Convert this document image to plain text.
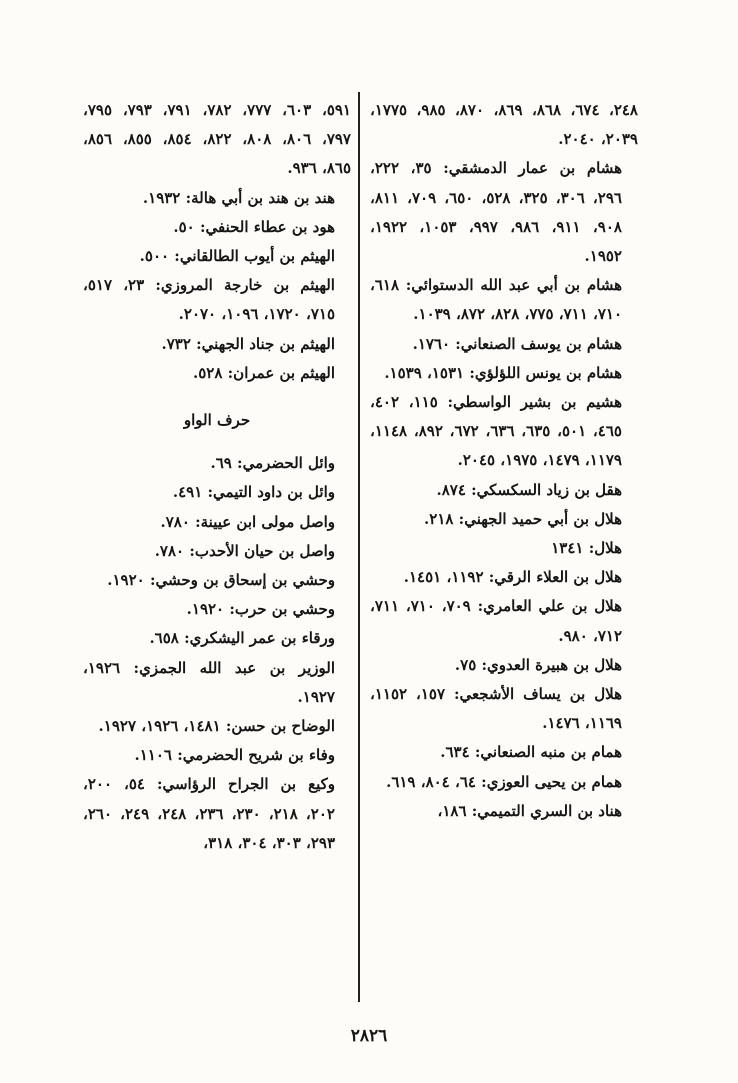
٢٤٨، ٦٧٤، ٨٦٨، ٨٦٩، ٨٧٠، ٩٨٥، ١٧٧٥، ٢٠٣٩، ٢٠٤٠.

هشام بن عمار الدمشقي: ٣٥، ٢٢٢، ٢٩٦، ٣٠٦، ٣٢٥، ٥٢٨، ٦٥٠، ٧٠٩، ٨١١، ٩٠٨، ٩١١، ٩٨٦، ٩٩٧، ١٠٥٣، ١٩٢٢، ١٩٥٢.

هشام بن أبي عبد الله الدستوائي: ٦١٨، ٧١٠، ٧١١، ٧٧٥، ٨٢٨، ٨٧٢، ١٠٣٩.

هشام بن يوسف الصنعاني: ١٧٦٠.

هشام بن يونس اللؤلؤي: ١٥٣١، ١٥٣٩.

هشيم بن بشير الواسطي: ١١٥، ٤٠٢، ٤٦٥، ٥٠١، ٦٣٥، ٦٣٦، ٦٧٢، ٨٩٢، ١١٤٨، ١١٧٩، ١٤٧٩، ١٩٧٥، ٢٠٤٥.

هقل بن زياد السكسكي: ٨٧٤.

هلال بن أبي حميد الجهني: ٢١٨.

هلال: ١٣٤١

هلال بن العلاء الرقي: ١١٩٢، ١٤٥١.

هلال بن علي العامري: ٧٠٩، ٧١٠، ٧١١، ٧١٢، ٩٨٠.

هلال بن هبيرة العدوي: ٧٥.

هلال بن يساف الأشجعي: ١٥٧، ١١٥٢، ١١٦٩، ١٤٧٦.

همام بن منبه الصنعاني: ٦٣٤.

همام بن يحيى العوزي: ٦٤، ٨٠٤، ٦١٩.

هناد بن السري التميمي: ١٨٦،

٥٩١، ٦٠٣، ٧٧٧، ٧٨٢، ٧٩١، ٧٩٣، ٧٩٥، ٧٩٧، ٨٠٦، ٨٠٨، ٨٢٢، ٨٥٤، ٨٥٥، ٨٥٦، ٨٦٥، ٩٣٦.

هند بن هند بن أبي هالة: ١٩٣٢.

هود بن عطاء الحنفي: ٥٠.

الهيثم بن أيوب الطالقاني: ٥٠٠.

الهيثم بن خارجة المروزي: ٢٣، ٥١٧، ٧١٥، ١٧٢٠، ١٠٩٦، ٢٠٧٠.

الهيثم بن جناد الجهني: ٧٣٢.

الهيثم بن عمران: ٥٢٨.

حرف الواو

وائل الحضرمي: ٦٩.

وائل بن داود التيمي: ٤٩١.

واصل مولى ابن عيينة: ٧٨٠.

واصل بن حيان الأحدب: ٧٨٠.

وحشي بن إسحاق بن وحشي: ١٩٢٠.

وحشي بن حرب: ١٩٢٠.

ورقاء بن عمر اليشكري: ٦٥٨.

الوزير بن عبد الله الجمزي: ١٩٢٦، ١٩٢٧.

الوضاح بن حسن: ١٤٨١، ١٩٢٦، ١٩٢٧.

وفاء بن شريح الحضرمي: ١١٠٦.

وكيع بن الجراح الرؤاسي: ٥٤، ٢٠٠، ٢٠٢، ٢١٨، ٢٣٠، ٢٣٦، ٢٤٨، ٢٤٩، ٢٦٠، ٢٩٣، ٣٠٣، ٣٠٤، ٣١٨،

٢٨٢٦
